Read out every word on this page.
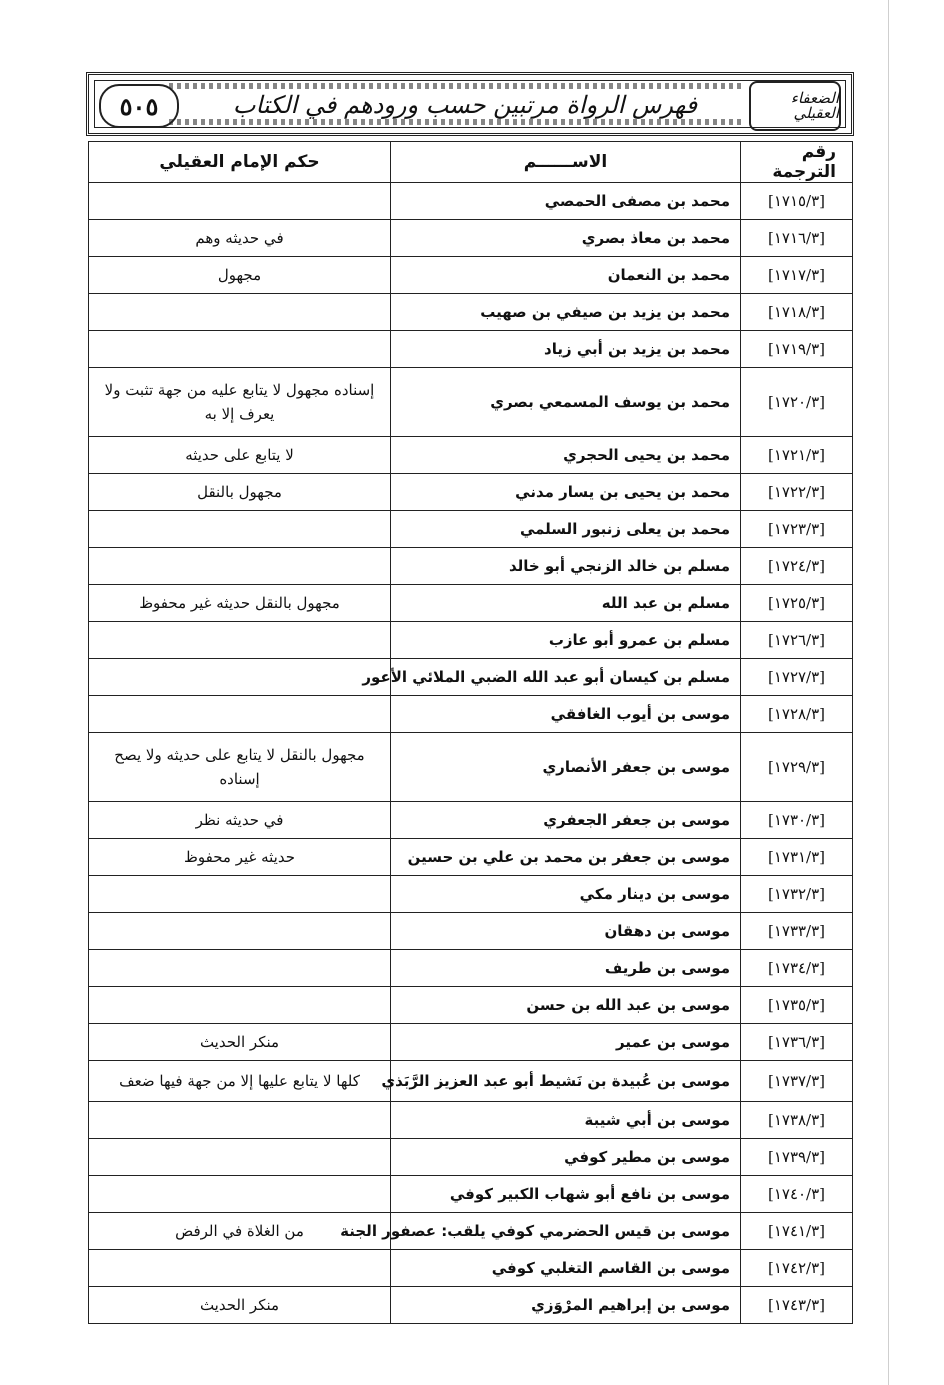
٥٠٥	فهرس الرواة مرتبين حسب ورودهم في الكتاب	الضعفاء العقيلي
رقم الترجمة	الاســــــم	حكم الإمام العقيلي
[١٧١٥/٣]	محمد بن مصفى الحمصي	
[١٧١٦/٣]	محمد بن معاذ بصري	في حديثه وهم
[١٧١٧/٣]	محمد بن النعمان	مجهول
[١٧١٨/٣]	محمد بن يزيد بن صيفي بن صهيب	
[١٧١٩/٣]	محمد بن يزيد بن أبي زياد	
[١٧٢٠/٣]	محمد بن يوسف المسمعي بصري	إسناده مجهول لا يتابع عليه من جهة تثبت ولا يعرف إلا به
[١٧٢١/٣]	محمد بن يحيى الحجري	لا يتابع على حديثه
[١٧٢٢/٣]	محمد بن يحيى بن يسار مدني	مجهول بالنقل
[١٧٢٣/٣]	محمد بن يعلى زنبور السلمي	
[١٧٢٤/٣]	مسلم بن خالد الزنجي أبو خالد	
[١٧٢٥/٣]	مسلم بن عبد الله	مجهول بالنقل حديثه غير محفوظ
[١٧٢٦/٣]	مسلم بن عمرو أبو عازب	
[١٧٢٧/٣]	مسلم بن كيسان أبو عبد الله الضبي الملائي الأعور	
[١٧٢٨/٣]	موسى بن أيوب الغافقي	
[١٧٢٩/٣]	موسى بن جعفر الأنصاري	مجهول بالنقل لا يتابع على حديثه ولا يصح إسناده
[١٧٣٠/٣]	موسى بن جعفر الجعفري	في حديثه نظر
[١٧٣١/٣]	موسى بن جعفر بن محمد بن علي بن حسين	حديثه غير محفوظ
[١٧٣٢/٣]	موسى بن دينار مكي	
[١٧٣٣/٣]	موسى بن دهقان	
[١٧٣٤/٣]	موسى بن طريف	
[١٧٣٥/٣]	موسى بن عبد الله بن حسن	
[١٧٣٦/٣]	موسى بن عمير	منكر الحديث
[١٧٣٧/٣]	موسى بن عُبيدة بن نَشيط أبو عبد العزيز الرَّبَذي	كلها لا يتابع عليها إلا من جهة فيها ضعف
[١٧٣٨/٣]	موسى بن أبي شيبة	
[١٧٣٩/٣]	موسى بن مطير كوفي	
[١٧٤٠/٣]	موسى بن نافع أبو شهاب الكبير كوفي	
[١٧٤١/٣]	موسى بن قيس الحضرمي كوفي يلقب: عصفور الجنة	من الغلاة في الرفض
[١٧٤٢/٣]	موسى بن القاسم التغلبي كوفي	
[١٧٤٣/٣]	موسى بن إبراهيم المرْوَزي	منكر الحديث
